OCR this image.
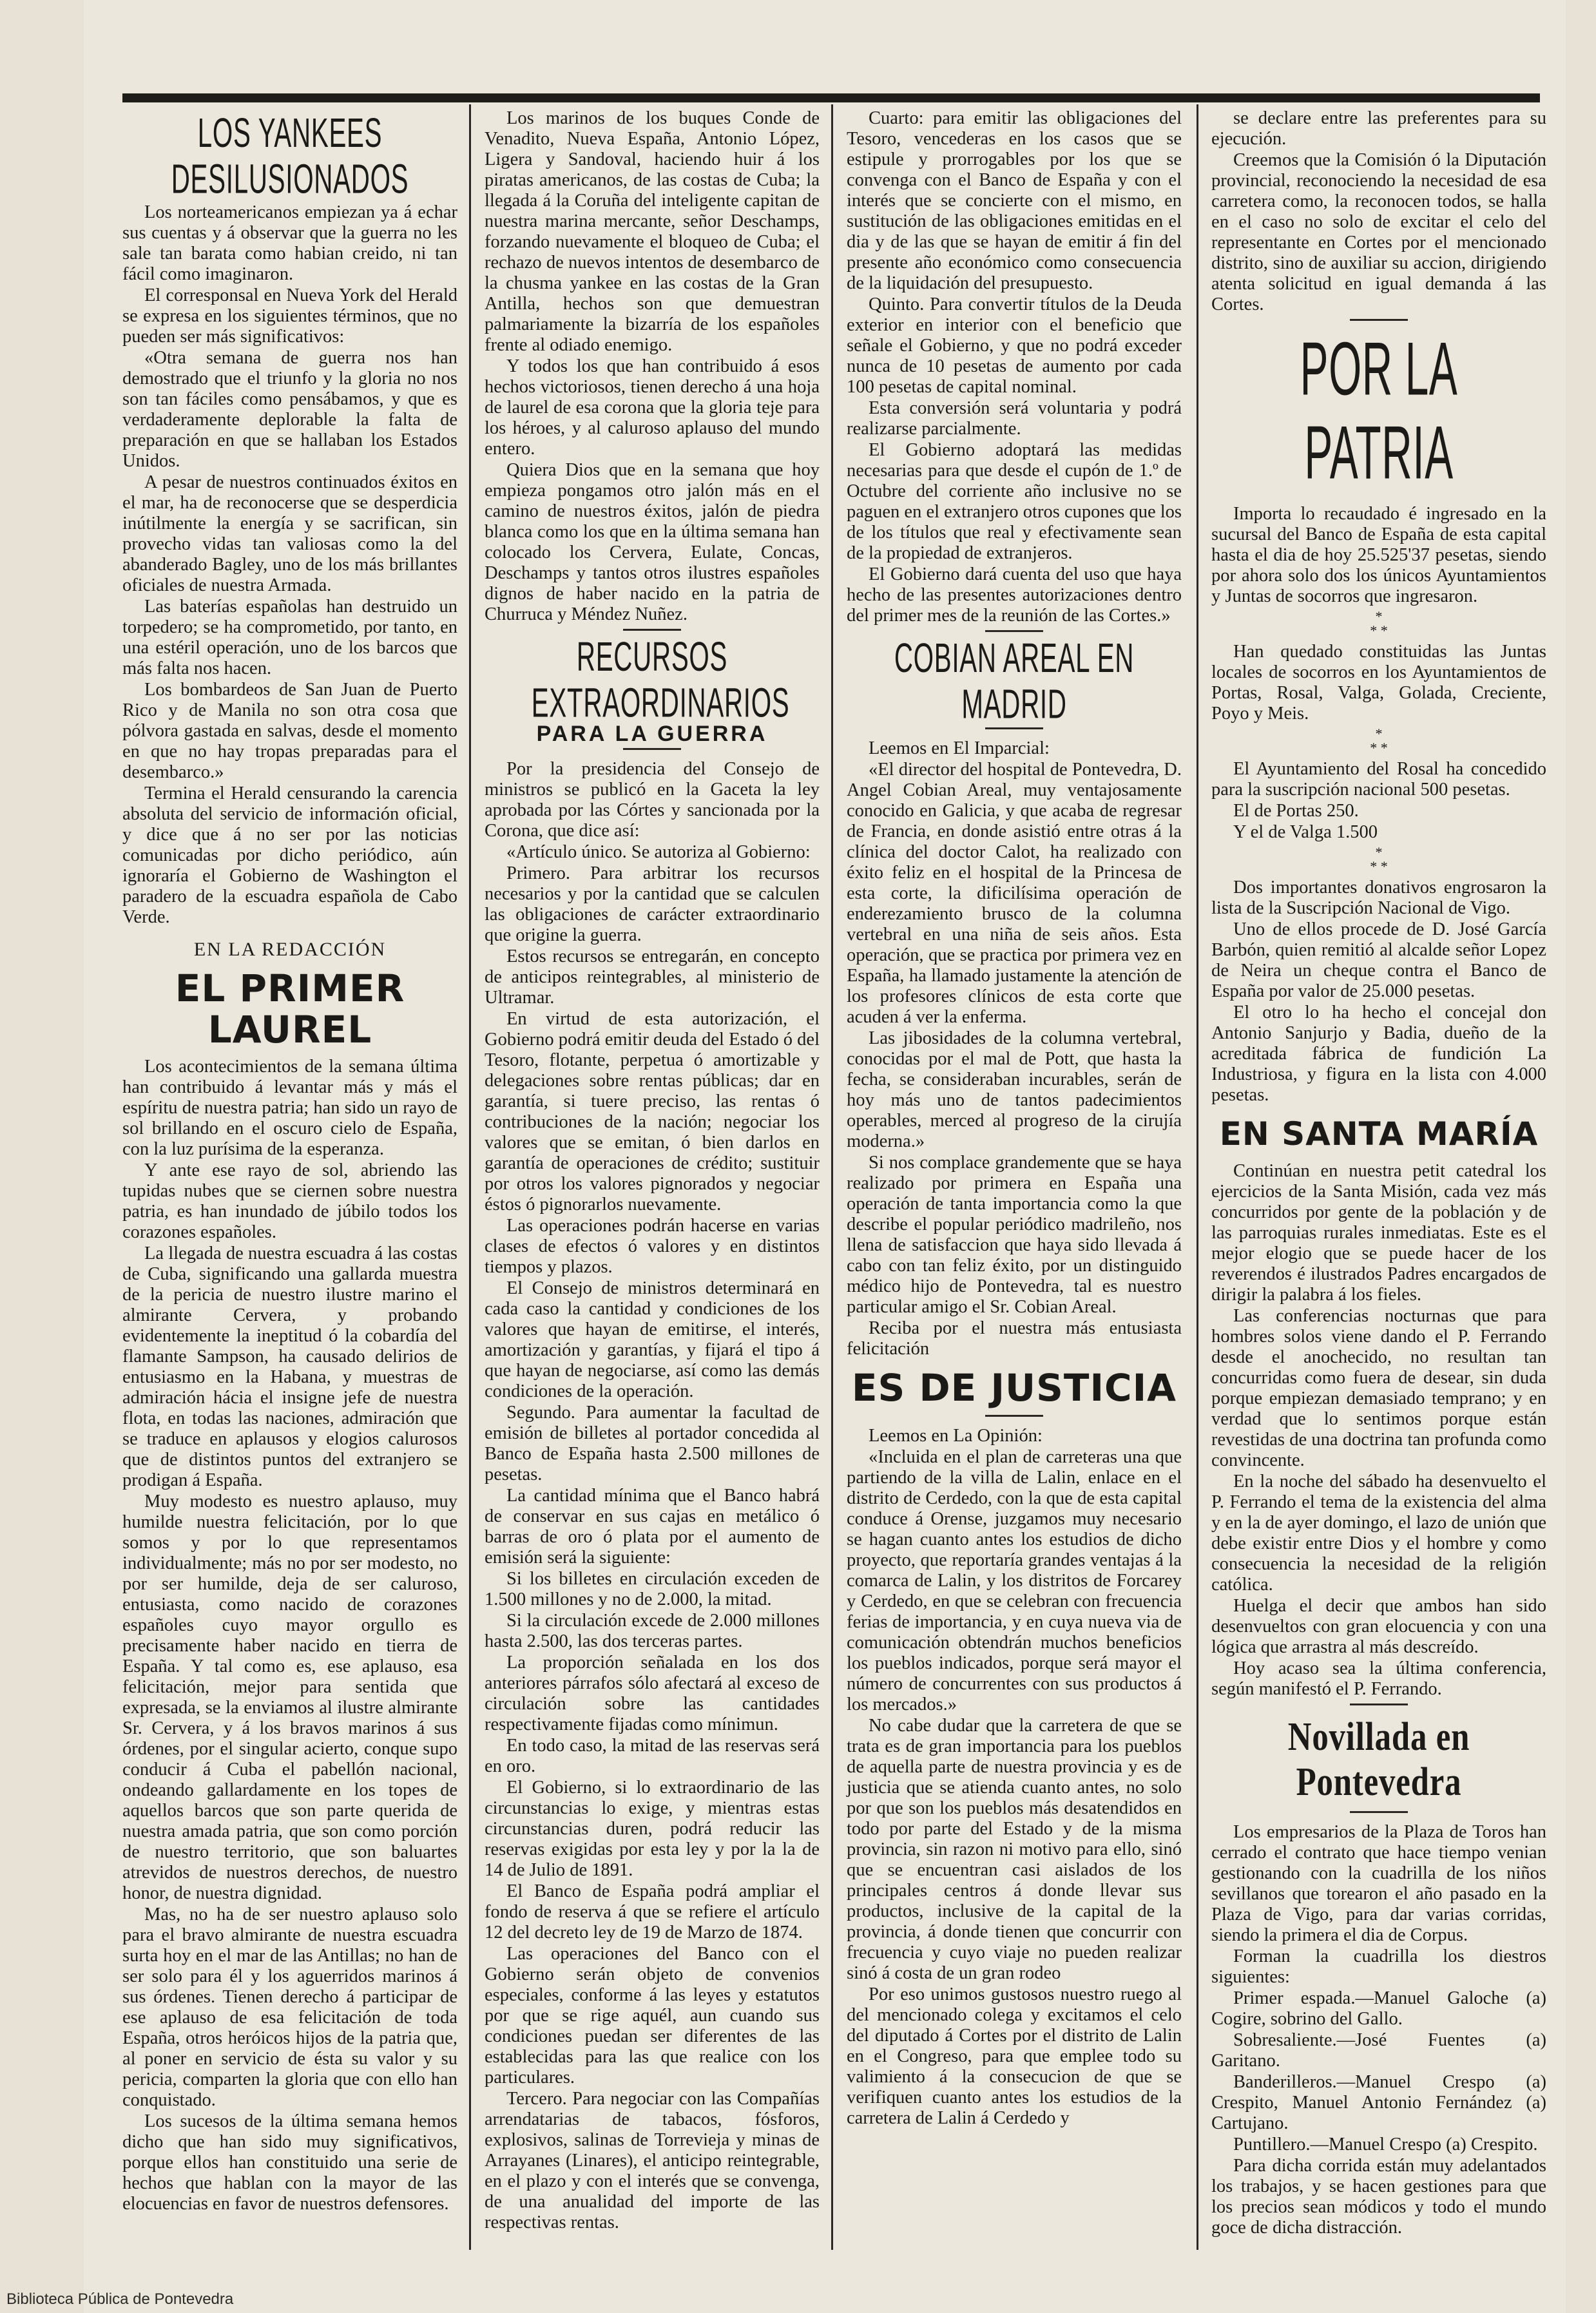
LOS YANKEES DESILUSIONADOS

Los norteamericanos empiezan ya á echar sus cuentas y á observar que la guerra no les sale tan barata como habian creido, ni tan fácil como imaginaron.

El corresponsal en Nueva York del Herald se expresa en los siguientes términos, que no pueden ser más significativos:

«Otra semana de guerra nos han demostrado que el triunfo y la gloria no nos son tan fáciles como pensábamos, y que es verdaderamente deplorable la falta de preparación en que se hallaban los Estados Unidos.

A pesar de nuestros continuados éxitos en el mar, ha de reconocerse que se desperdicia inútilmente la energía y se sacrifican, sin provecho vidas tan valiosas como la del abanderado Bagley, uno de los más brillantes oficiales de nuestra Armada.

Las baterías españolas han destruido un torpedero; se ha comprometido, por tanto, en una estéril operación, uno de los barcos que más falta nos hacen.

Los bombardeos de San Juan de Puerto Rico y de Manila no son otra cosa que pólvora gastada en salvas, desde el momento en que no hay tropas preparadas para el desembarco.»

Termina el Herald censurando la carencia absoluta del servicio de información oficial, y dice que á no ser por las noticias comunicadas por dicho periódico, aún ignoraría el Gobierno de Washington el paradero de la escuadra española de Cabo Verde.

EN LA REDACCIÓN
EL PRIMER LAUREL

Los acontecimientos de la semana última han contribuido á levantar más y más el espíritu de nuestra patria; han sido un rayo de sol brillando en el oscuro cielo de España, con la luz purísima de la esperanza.

Y ante ese rayo de sol, abriendo las tupidas nubes que se ciernen sobre nuestra patria, es han inundado de júbilo todos los corazones españoles.

La llegada de nuestra escuadra á las costas de Cuba, significando una gallarda muestra de la pericia de nuestro ilustre marino el almirante Cervera, y probando evidentemente la ineptitud ó la cobardía del flamante Sampson, ha causado delirios de entusiasmo en la Habana, y muestras de admiración hácia el insigne jefe de nuestra flota, en todas las naciones, admiración que se traduce en aplausos y elogios calurosos que de distintos puntos del extranjero se prodigan á España.

Muy modesto es nuestro aplauso, muy humilde nuestra felicitación, por lo que somos y por lo que representamos individualmente; más no por ser modesto, no por ser humilde, deja de ser caluroso, entusiasta, como nacido de corazones españoles cuyo mayor orgullo es precisamente haber nacido en tierra de España. Y tal como es, ese aplauso, esa felicitación, mejor para sentida que expresada, se la enviamos al ilustre almirante Sr. Cervera, y á los bravos marinos á sus órdenes, por el singular acierto, conque supo conducir á Cuba el pabellón nacional, ondeando gallardamente en los topes de aquellos barcos que son parte querida de nuestra amada patria, que son como porción de nuestro territorio, que son baluartes atrevidos de nuestros derechos, de nuestro honor, de nuestra dignidad.

Mas, no ha de ser nuestro aplauso solo para el bravo almirante de nuestra escuadra surta hoy en el mar de las Antillas; no han de ser solo para él y los aguerridos marinos á sus órdenes. Tienen derecho á participar de ese aplauso de esa felicitación de toda España, otros heróicos hijos de la patria que, al poner en servicio de ésta su valor y su pericia, comparten la gloria que con ello han conquistado.

Los sucesos de la última semana hemos dicho que han sido muy significativos, porque ellos han constituido una serie de hechos que hablan con la mayor de las elocuencias en favor de nuestros defensores.

Los marinos de los buques Conde de Venadito, Nueva España, Antonio López, Ligera y Sandoval, haciendo huir á los piratas americanos, de las costas de Cuba; la llegada á la Coruña del inteligente capitan de nuestra marina mercante, señor Deschamps, forzando nuevamente el bloqueo de Cuba; el rechazo de nuevos intentos de desembarco de la chusma yankee en las costas de la Gran Antilla, hechos son que demuestran palmariamente la bizarría de los españoles frente al odiado enemigo.

Y todos los que han contribuido á esos hechos victoriosos, tienen derecho á una hoja de laurel de esa corona que la gloria teje para los héroes, y al caluroso aplauso del mundo entero.

Quiera Dios que en la semana que hoy empieza pongamos otro jalón más en el camino de nuestros éxitos, jalón de piedra blanca como los que en la última semana han colocado los Cervera, Eulate, Concas, Deschamps y tantos otros ilustres españoles dignos de haber nacido en la patria de Churruca y Méndez Nuñez.

RECURSOS EXTRAORDINARIOS
PARA LA GUERRA

Por la presidencia del Consejo de ministros se publicó en la Gaceta la ley aprobada por las Córtes y sancionada por la Corona, que dice así:

«Artículo único. Se autoriza al Gobierno:

Primero. Para arbitrar los recursos necesarios y por la cantidad que se calculen las obligaciones de carácter extraordinario que origine la guerra.

Estos recursos se entregarán, en concepto de anticipos reintegrables, al ministerio de Ultramar.

En virtud de esta autorización, el Gobierno podrá emitir deuda del Estado ó del Tesoro, flotante, perpetua ó amortizable y delegaciones sobre rentas públicas; dar en garantía, si tuere preciso, las rentas ó contribuciones de la nación; negociar los valores que se emitan, ó bien darlos en garantía de operaciones de crédito; sustituir por otros los valores pignorados y negociar éstos ó pignorarlos nuevamente.

Las operaciones podrán hacerse en varias clases de efectos ó valores y en distintos tiempos y plazos.

El Consejo de ministros determinará en cada caso la cantidad y condiciones de los valores que hayan de emitirse, el interés, amortización y garantías, y fijará el tipo á que hayan de negociarse, así como las demás condiciones de la operación.

Segundo. Para aumentar la facultad de emisión de billetes al portador concedida al Banco de España hasta 2.500 millones de pesetas.

La cantidad mínima que el Banco habrá de conservar en sus cajas en metálico ó barras de oro ó plata por el aumento de emisión será la siguiente:

Si los billetes en circulación exceden de 1.500 millones y no de 2.000, la mitad.

Si la circulación excede de 2.000 millones hasta 2.500, las dos terceras partes.

La proporción señalada en los dos anteriores párrafos sólo afectará al exceso de circulación sobre las cantidades respectivamente fijadas como mínimun.

En todo caso, la mitad de las reservas será en oro.

El Gobierno, si lo extraordinario de las circunstancias lo exige, y mientras estas circunstancias duren, podrá reducir las reservas exigidas por esta ley y por la la de 14 de Julio de 1891.

El Banco de España podrá ampliar el fondo de reserva á que se refiere el artículo 12 del decreto ley de 19 de Marzo de 1874.

Las operaciones del Banco con el Gobierno serán objeto de convenios especiales, conforme á las leyes y estatutos por que se rige aquél, aun cuando sus condiciones puedan ser diferentes de las establecidas para las que realice con los particulares.

Tercero. Para negociar con las Compañías arrendatarias de tabacos, fósforos, explosivos, salinas de Torrevieja y minas de Arrayanes (Linares), el anticipo reintegrable, en el plazo y con el interés que se convenga, de una anualidad del importe de las respectivas rentas.

Cuarto: para emitir las obligaciones del Tesoro, vencederas en los casos que se estipule y prorrogables por los que se convenga con el Banco de España y con el interés que se concierte con el mismo, en sustitución de las obligaciones emitidas en el dia y de las que se hayan de emitir á fin del presente año económico como consecuencia de la liquidación del presupuesto.

Quinto. Para convertir títulos de la Deuda exterior en interior con el beneficio que señale el Gobierno, y que no podrá exceder nunca de 10 pesetas de aumento por cada 100 pesetas de capital nominal.

Esta conversión será voluntaria y podrá realizarse parcialmente.

El Gobierno adoptará las medidas necesarias para que desde el cupón de 1.º de Octubre del corriente año inclusive no se paguen en el extranjero otros cupones que los de los títulos que real y efectivamente sean de la propiedad de extranjeros.

El Gobierno dará cuenta del uso que haya hecho de las presentes autorizaciones dentro del primer mes de la reunión de las Cortes.»

COBIAN AREAL EN MADRID

Leemos en El Imparcial:

«El director del hospital de Pontevedra, D. Angel Cobian Areal, muy ventajosamente conocido en Galicia, y que acaba de regresar de Francia, en donde asistió entre otras á la clínica del doctor Calot, ha realizado con éxito feliz en el hospital de la Princesa de esta corte, la dificilísima operación de enderezamiento brusco de la columna vertebral en una niña de seis años. Esta operación, que se practica por primera vez en España, ha llamado justamente la atención de los profesores clínicos de esta corte que acuden á ver la enferma.

Las jibosidades de la columna vertebral, conocidas por el mal de Pott, que hasta la fecha, se consideraban incurables, serán de hoy más uno de tantos padecimientos operables, merced al progreso de la cirujía moderna.»

Si nos complace grandemente que se haya realizado por primera en España una operación de tanta importancia como la que describe el popular periódico madrileño, nos llena de satisfaccion que haya sido llevada á cabo con tan feliz éxito, por un distinguido médico hijo de Pontevedra, tal es nuestro particular amigo el Sr. Cobian Areal.

Reciba por el nuestra más entusiasta felicitación

ES DE JUSTICIA

Leemos en La Opinión:

«Incluida en el plan de carreteras una que partiendo de la villa de Lalin, enlace en el distrito de Cerdedo, con la que de esta capital conduce á Orense, juzgamos muy necesario se hagan cuanto antes los estudios de dicho proyecto, que reportaría grandes ventajas á la comarca de Lalin, y los distritos de Forcarey y Cerdedo, en que se celebran con frecuencia ferias de importancia, y en cuya nueva via de comunicación obtendrán muchos beneficios los pueblos indicados, porque será mayor el número de concurrentes con sus productos á los mercados.»

No cabe dudar que la carretera de que se trata es de gran importancia para los pueblos de aquella parte de nuestra provincia y es de justicia que se atienda cuanto antes, no solo por que son los pueblos más desatendidos en todo por parte del Estado y de la misma provincia, sin razon ni motivo para ello, sinó que se encuentran casi aislados de los principales centros á donde llevar sus productos, inclusive de la capital de la provincia, á donde tienen que concurrir con frecuencia y cuyo viaje no pueden realizar sinó á costa de un gran rodeo

Por eso unimos gustosos nuestro ruego al del mencionado colega y excitamos el celo del diputado á Cortes por el distrito de Lalin en el Congreso, para que emplee todo su valimiento á la consecucion de que se verifiquen cuanto antes los estudios de la carretera de Lalin á Cerdedo y

se declare entre las preferentes para su ejecución.

Creemos que la Comisión ó la Diputación provincial, reconociendo la necesidad de esa carretera como, la reconocen todos, se halla en el caso no solo de excitar el celo del representante en Cortes por el mencionado distrito, sino de auxiliar su accion, dirigiendo atenta solicitud en igual demanda á las Cortes.

POR LA PATRIA

Importa lo recaudado é ingresado en la sucursal del Banco de España de esta capital hasta el dia de hoy 25.525'37 pesetas, siendo por ahora solo dos los únicos Ayuntamientos y Juntas de socorros que ingresaron.

*
* *

Han quedado constituidas las Juntas locales de socorros en los Ayuntamientos de Portas, Rosal, Valga, Golada, Creciente, Poyo y Meis.

*
* *

El Ayuntamiento del Rosal ha concedido para la suscripción nacional 500 pesetas.

El de Portas 250.

Y el de Valga 1.500

*
* *

Dos importantes donativos engrosaron la lista de la Suscripción Nacional de Vigo.

Uno de ellos procede de D. José García Barbón, quien remitió al alcalde señor Lopez de Neira un cheque contra el Banco de España por valor de 25.000 pesetas.

El otro lo ha hecho el concejal don Antonio Sanjurjo y Badia, dueño de la acreditada fábrica de fundición La Industriosa, y figura en la lista con 4.000 pesetas.

EN SANTA MARÍA

Continúan en nuestra petit catedral los ejercicios de la Santa Misión, cada vez más concurridos por gente de la población y de las parroquias rurales inmediatas. Este es el mejor elogio que se puede hacer de los reverendos é ilustrados Padres encargados de dirigir la palabra á los fieles.

Las conferencias nocturnas que para hombres solos viene dando el P. Ferrando desde el anochecido, no resultan tan concurridas como fuera de desear, sin duda porque empiezan demasiado temprano; y en verdad que lo sentimos porque están revestidas de una doctrina tan profunda como convincente.

En la noche del sábado ha desenvuelto el P. Ferrando el tema de la existencia del alma y en la de ayer domingo, el lazo de unión que debe existir entre Dios y el hombre y como consecuencia la necesidad de la religión católica.

Huelga el decir que ambos han sido desenvueltos con gran elocuencia y con una lógica que arrastra al más descreído.

Hoy acaso sea la última conferencia, según manifestó el P. Ferrando.

Novillada en Pontevedra

Los empresarios de la Plaza de Toros han cerrado el contrato que hace tiempo venian gestionando con la cuadrilla de los niños sevillanos que torearon el año pasado en la Plaza de Vigo, para dar varias corridas, siendo la primera el dia de Corpus.

Forman la cuadrilla los diestros siguientes:

Primer espada.—Manuel Galoche (a) Cogire, sobrino del Gallo.

Sobresaliente.—José Fuentes (a) Garitano.

Banderilleros.—Manuel Crespo (a) Crespito, Manuel Antonio Fernández (a) Cartujano.

Puntillero.—Manuel Crespo (a) Crespito.

Para dicha corrida están muy adelantados los trabajos, y se hacen gestiones para que los precios sean módicos y todo el mundo goce de dicha distracción.

Biblioteca Pública de Pontevedra
